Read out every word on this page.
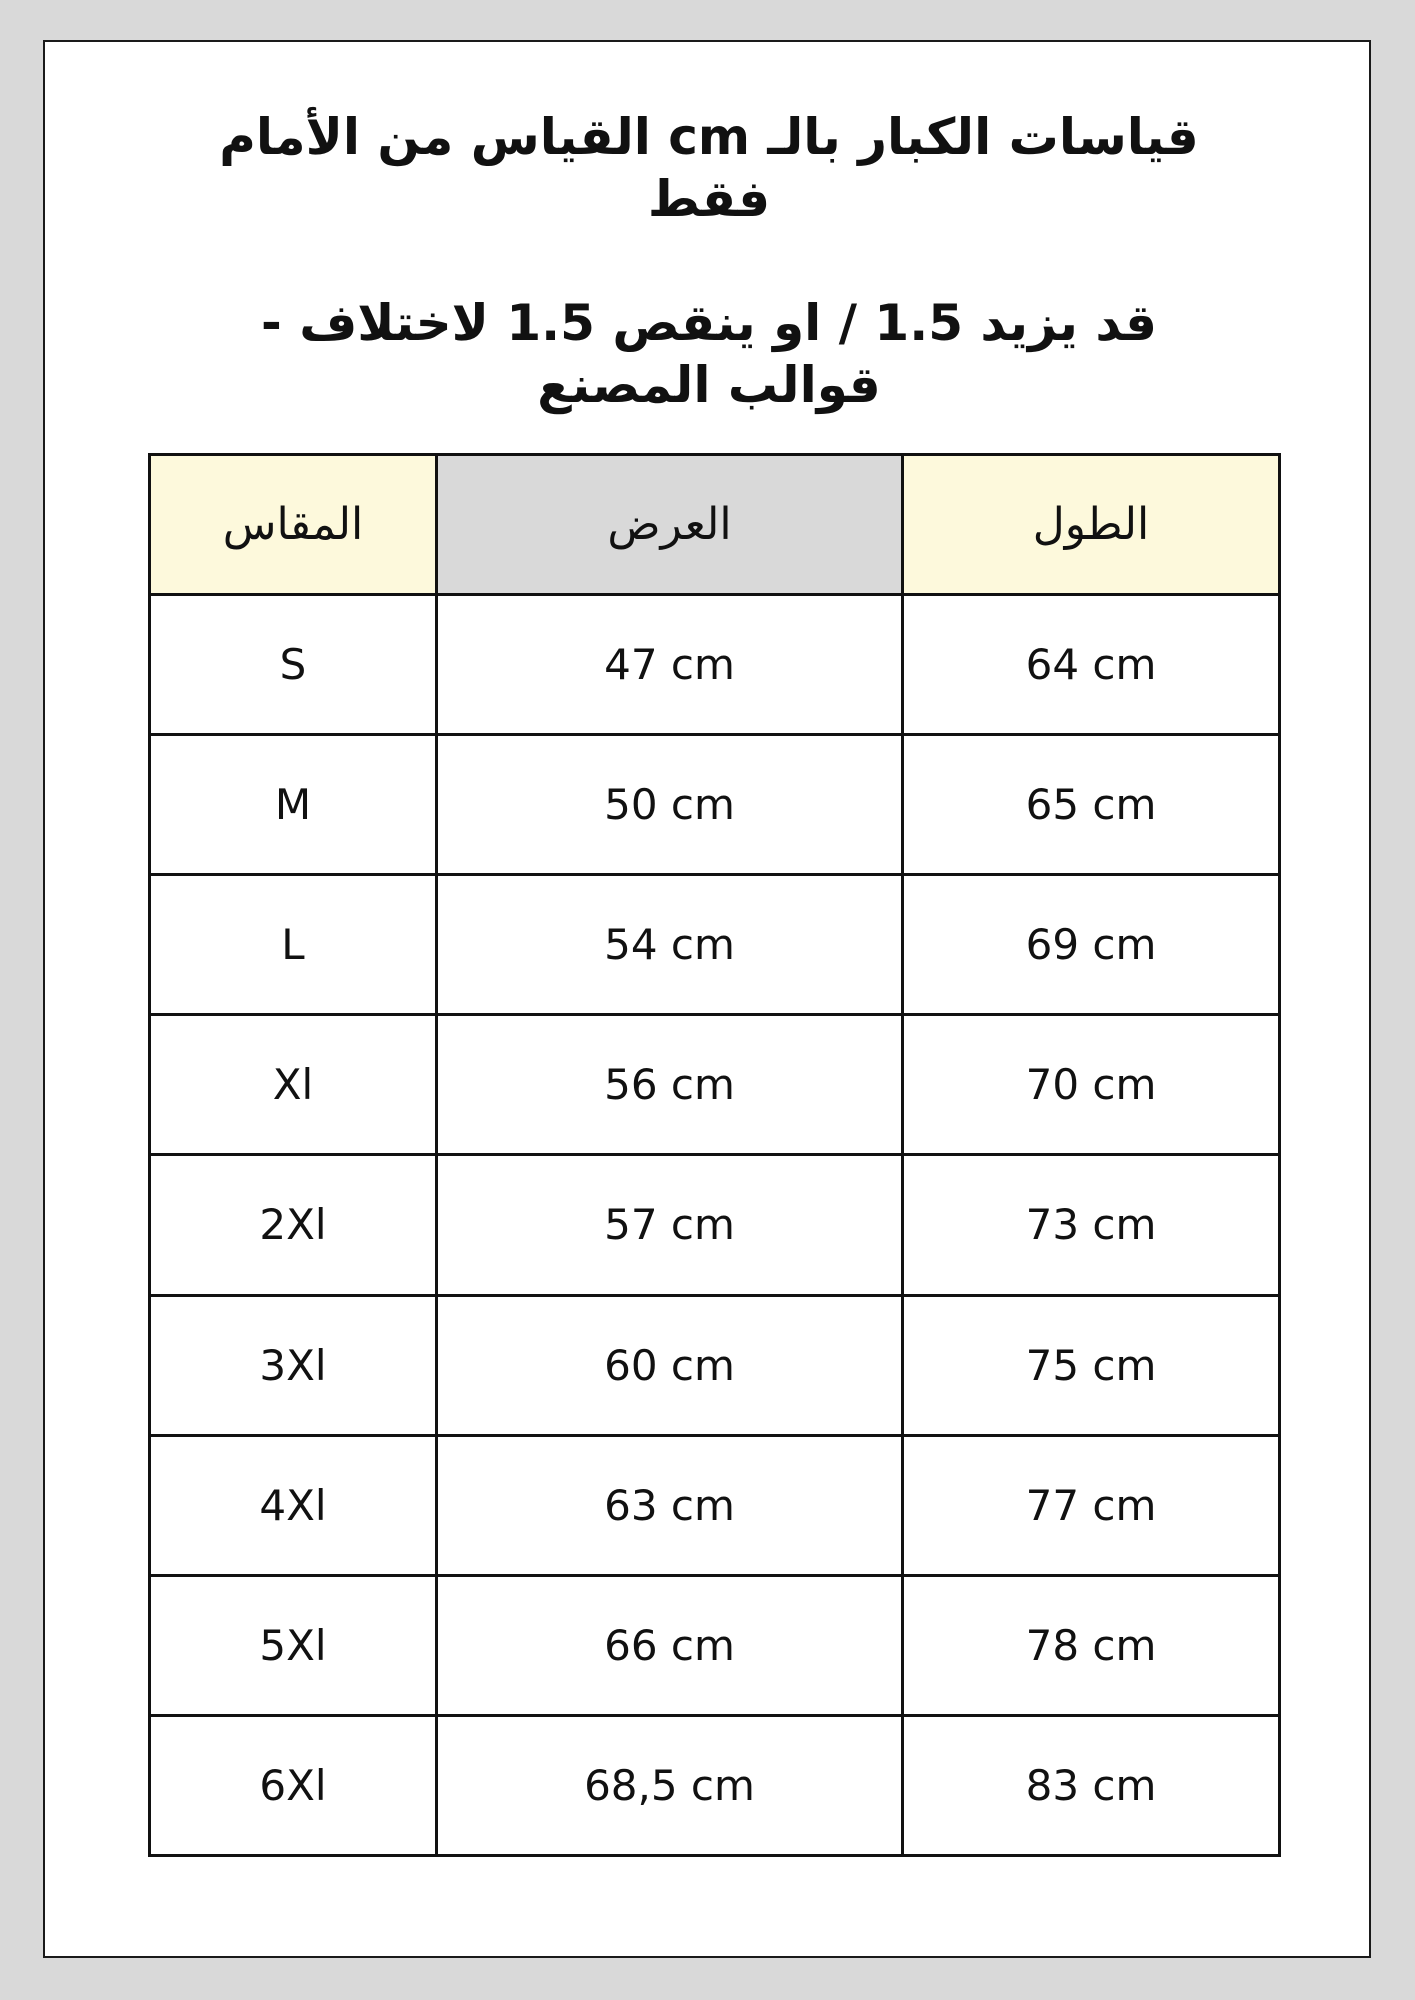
قياسات الكبار بالـ cm القياس من الأمام فقط
قد يزيد 1.5 / او ينقص 1.5 لاختلاف - قوالب المصنع
المقاس	العرض	الطول
S	47 cm	64 cm
M	50 cm	65 cm
L	54 cm	69 cm
Xl	56 cm	70 cm
2Xl	57 cm	73 cm
3Xl	60 cm	75 cm
4Xl	63 cm	77 cm
5Xl	66 cm	78 cm
6Xl	68,5 cm	83 cm
